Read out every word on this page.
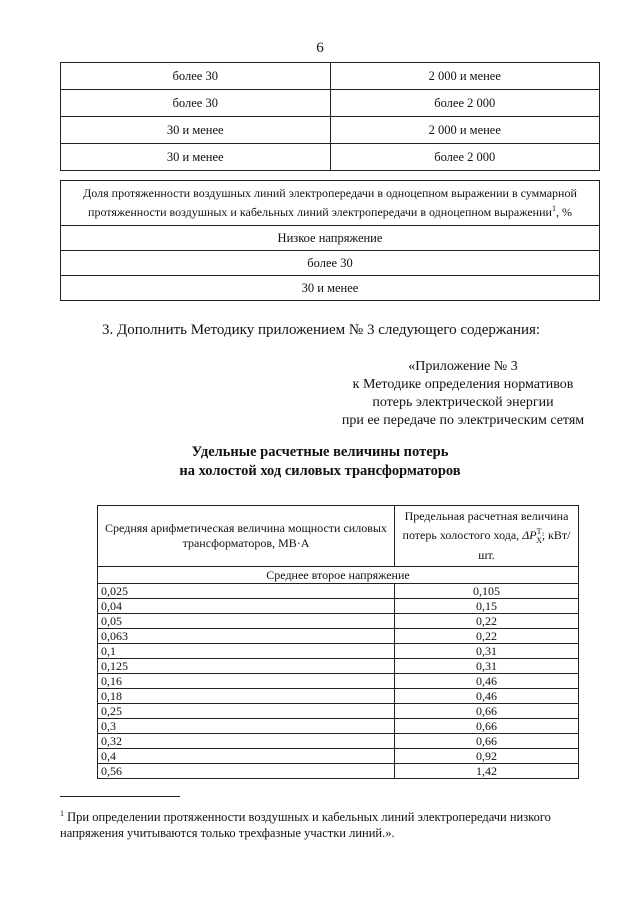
6
более 30	2 000 и менее
более 30	более 2 000
30 и менее	2 000 и менее
30 и менее	более 2 000
Доля протяженности воздушных линий электропередачи в одноцепном выражении в суммарной протяженности воздушных и кабельных линий электропередачи в одноцепном выражении$^1$, %
Низкое напряжение
более 30
30 и менее
3. Дополнить Методику приложением № 3 следующего содержания:
«Приложение № 3
к Методике определения нормативов
потерь электрической энергии
при ее передаче по электрическим сетям
Удельные расчетные величины потерь
на холостой ход силовых трансформаторов
Средняя арифметическая величина мощности силовых трансформаторов, МВ·А	Предельная расчетная величина потерь холостого хода, $\Delta P^{Т_2}_X$, кВт/шт.
Среднее второе напряжение	
0,025	0,105
0,04	0,15
0,05	0,22
0,063	0,22
0,1	0,31
0,125	0,31
0,16	0,46
0,18	0,46
0,25	0,66
0,3	0,66
0,32	0,66
0,4	0,92
0,56	1,42
$^1$ При определении протяженности воздушных и кабельных линий электропередачи низкого напряжения учитываются только трехфазные участки линий.».
